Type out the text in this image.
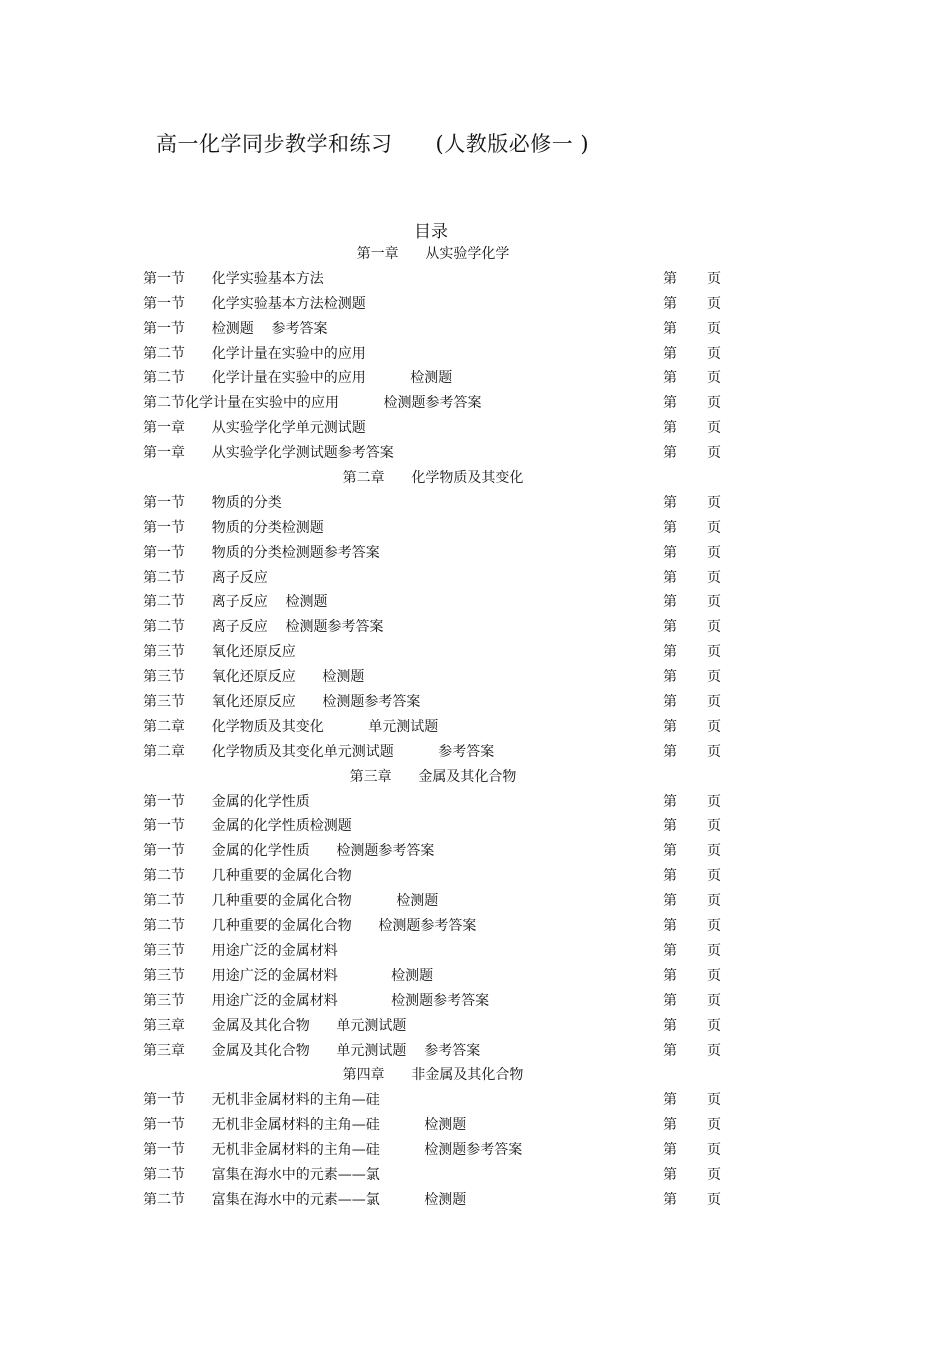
高一化学同步教学和练习      (人教版必修一 )
目录
第一章      从实验学化学
第一节      化学实验基本方法	第 页
第一节      化学实验基本方法检测题	第 页
第一节      检测题    参考答案	第 页
第二节      化学计量在实验中的应用	第 页
第二节      化学计量在实验中的应用          检测题	第 页
第二节化学计量在实验中的应用          检测题参考答案	第 页
第一章      从实验学化学单元测试题	第 页
第一章      从实验学化学测试题参考答案	第 页
第二章      化学物质及其变化
第一节      物质的分类	第 页
第一节      物质的分类检测题	第 页
第一节      物质的分类检测题参考答案	第 页
第二节      离子反应	第 页
第二节      离子反应    检测题	第 页
第二节      离子反应    检测题参考答案	第 页
第三节      氧化还原反应	第 页
第三节      氧化还原反应      检测题	第 页
第三节      氧化还原反应      检测题参考答案	第 页
第二章      化学物质及其变化          单元测试题	第 页
第二章      化学物质及其变化单元测试题          参考答案	第 页
第三章      金属及其化合物
第一节      金属的化学性质	第 页
第一节      金属的化学性质检测题	第 页
第一节      金属的化学性质      检测题参考答案	第 页
第二节      几种重要的金属化合物	第 页
第二节      几种重要的金属化合物          检测题	第 页
第二节      几种重要的金属化合物      检测题参考答案	第 页
第三节      用途广泛的金属材料	第 页
第三节      用途广泛的金属材料            检测题	第 页
第三节      用途广泛的金属材料            检测题参考答案	第 页
第三章      金属及其化合物      单元测试题	第 页
第三章      金属及其化合物      单元测试题    参考答案	第 页
第四章      非金属及其化合物
第一节      无机非金属材料的主角—硅	第 页
第一节      无机非金属材料的主角—硅          检测题	第 页
第一节      无机非金属材料的主角—硅          检测题参考答案	第 页
第二节      富集在海水中的元素——氯	第 页
第二节      富集在海水中的元素——氯          检测题	第 页
